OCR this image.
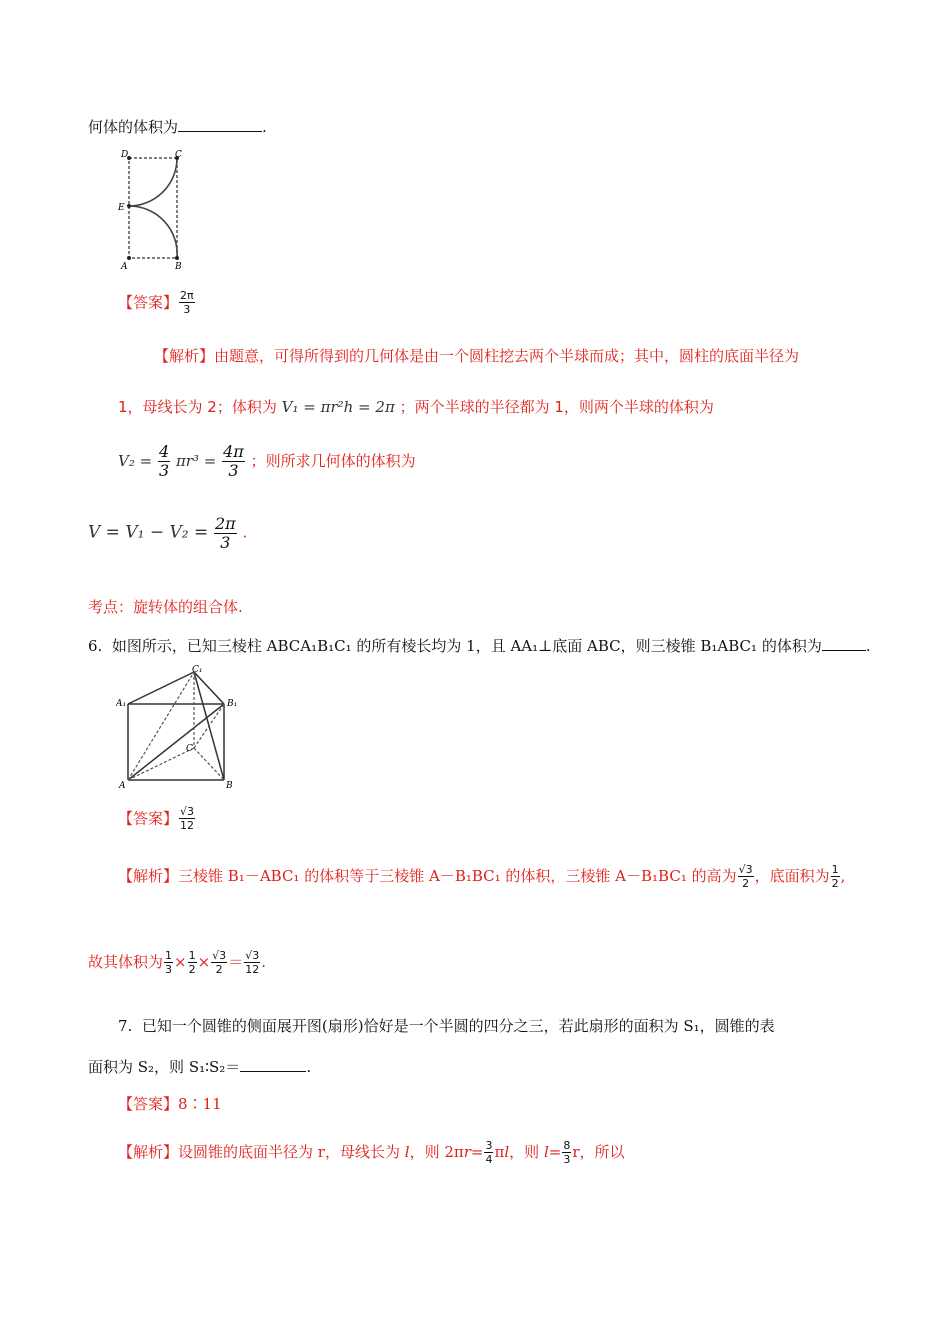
何体的体积为	.
D	C
E
A	B
【答案】 $\frac{2\pi}{3}$
【解析】由题意，可得所得到的几何体是由一个圆柱挖去两个半球而成；其中，圆柱的底面半径为
1，母线长为 2；体积为 V₁ = πr²h = 2π ；两个半球的半径都为 1，则两个半球的体积为
$V_2 = \frac{4}{3} \pi r^3 = \frac{4\pi}{3}$ ；则所求几何体的体积为
$V = V_1 - V_2 = \frac{2\pi}{3}$ .
考点：旋转体的组合体.
6. 如图所示，已知三棱柱 ABCA₁B₁C₁ 的所有棱长均为 1，且 AA₁⊥底面 ABC，则三棱锥 B₁ABC₁ 的体积为	.
C₁
A₁	B₁
C
A	B
【答案】 $\frac{√3}{12}$
【解析】三棱锥 B₁－ABC₁ 的体积等于三棱锥 A－B₁BC₁ 的体积，三棱锥 A－B₁BC₁ 的高为 $\frac{√3}{2}$ ，底面积为 $\frac{1}{2}$ ,
故其体积为 $\frac{1}{3} \times \frac{1}{2} \times \frac{√3}{2} = \frac{√3}{12}$ .
7. 已知一个圆锥的侧面展开图(扇形)恰好是一个半圆的四分之三，若此扇形的面积为 S₁，圆锥的表
面积为 S₂，则 S₁∶S₂＝	.
【答案】8∶11
【解析】设圆锥的底面半径为 r，母线长为 l，则 $2\pi r= \frac{3}{4}$ πl，则 $l= \frac{8}{3}$ r，所以
